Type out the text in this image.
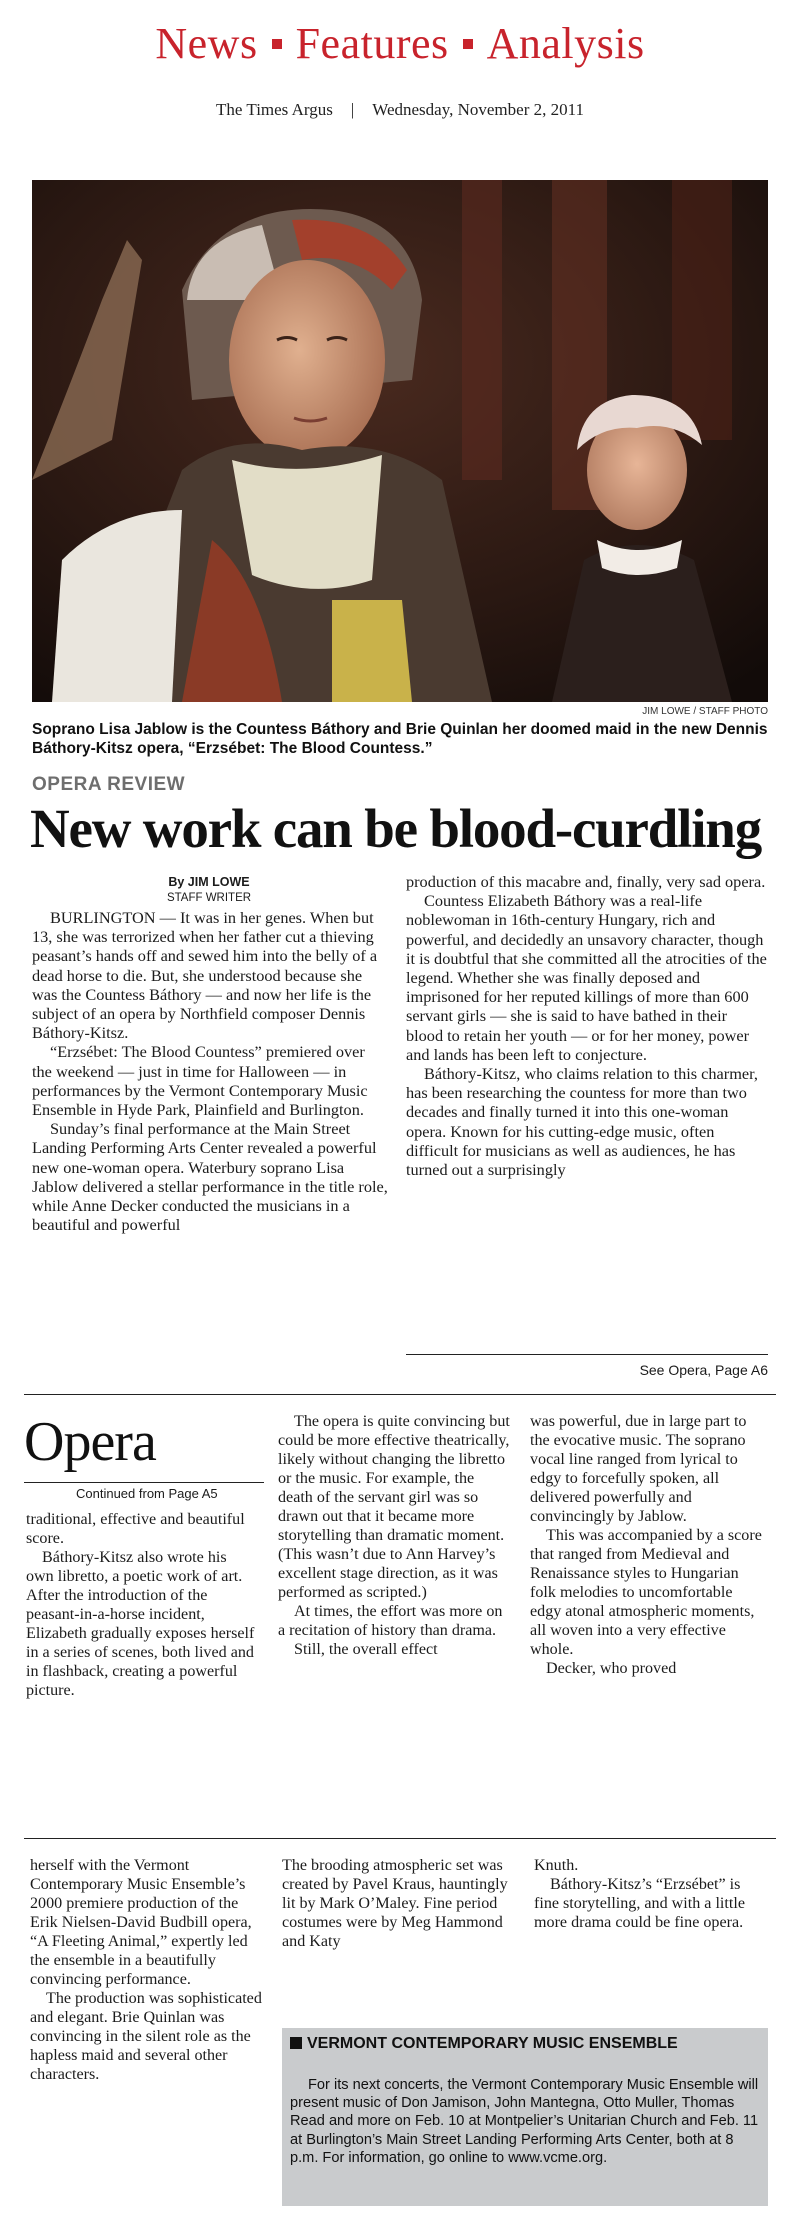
News Features Analysis
The Times Argus | Wednesday, November 2, 2011
JIM LOWE / STAFF PHOTO
Soprano Lisa Jablow is the Countess Báthory and Brie Quinlan her doomed maid in the new Dennis Báthory-Kitsz opera, “Erzsébet: The Blood Countess.”
OPERA REVIEW
New work can be blood-curdling
By JIM LOWE
STAFF WRITER

BURLINGTON — It was in her genes. When but 13, she was terrorized when her father cut a thieving peasant’s hands off and sewed him into the belly of a dead horse to die. But, she understood because she was the Countess Báthory — and now her life is the subject of an opera by Northfield composer Dennis Báthory-Kitsz.

“Erzsébet: The Blood Countess” premiered over the weekend — just in time for Halloween — in performances by the Vermont Contemporary Music Ensemble in Hyde Park, Plainfield and Burlington.

Sunday’s final performance at the Main Street Landing Performing Arts Center revealed a powerful new one-woman opera. Waterbury soprano Lisa Jablow delivered a stellar performance in the title role, while Anne Decker conducted the musicians in a beautiful and powerful

production of this macabre and, finally, very sad opera.

Countess Elizabeth Báthory was a real-life noblewoman in 16th-century Hungary, rich and powerful, and decidedly an unsavory character, though it is doubtful that she committed all the atrocities of the legend. Whether she was finally deposed and imprisoned for her reputed killings of more than 600 servant girls — she is said to have bathed in their blood to retain her youth — or for her money, power and lands has been left to conjecture.

Báthory-Kitsz, who claims relation to this charmer, has been researching the countess for more than two decades and finally turned it into this one-woman opera. Known for his cutting-edge music, often difficult for musicians as well as audiences, he has turned out a surprisingly

See Opera, Page A6
Opera
Continued from Page A5

traditional, effective and beautiful score.

Báthory-Kitsz also wrote his own libretto, a poetic work of art. After the introduction of the peasant-in-a-horse incident, Elizabeth gradually exposes herself in a series of scenes, both lived and in flashback, creating a powerful picture.

The opera is quite convincing but could be more effective theatrically, likely without changing the libretto or the music. For example, the death of the servant girl was so drawn out that it became more storytelling than dramatic moment. (This wasn’t due to Ann Harvey’s excellent stage direction, as it was performed as scripted.)

At times, the effort was more on a recitation of history than drama.

Still, the overall effect

was powerful, due in large part to the evocative music. The soprano vocal line ranged from lyrical to edgy to forcefully spoken, all delivered powerfully and convincingly by Jablow.

This was accompanied by a score that ranged from Medieval and Renaissance styles to Hungarian folk melodies to uncomfortable edgy atonal atmospheric moments, all woven into a very effective whole.

Decker, who proved

herself with the Vermont Contemporary Music Ensemble’s 2000 premiere production of the Erik Nielsen-David Budbill opera, “A Fleeting Animal,” expertly led the ensemble in a beautifully convincing performance.

The production was sophisticated and elegant. Brie Quinlan was convincing in the silent role as the hapless maid and several other characters.

The brooding atmospheric set was created by Pavel Kraus, hauntingly lit by Mark O’Maley. Fine period costumes were by Meg Hammond and Katy

Knuth.

Báthory-Kitsz’s “Erzsébet” is fine storytelling, and with a little more drama could be fine opera.

VERMONT CONTEMPORARY MUSIC ENSEMBLE
For its next concerts, the Vermont Contemporary Music Ensemble will present music of Don Jamison, John Mantegna, Otto Muller, Thomas Read and more on Feb. 10 at Montpelier’s Unitarian Church and Feb. 11 at Burlington’s Main Street Landing Performing Arts Center, both at 8 p.m. For information, go online to www.vcme.org.
